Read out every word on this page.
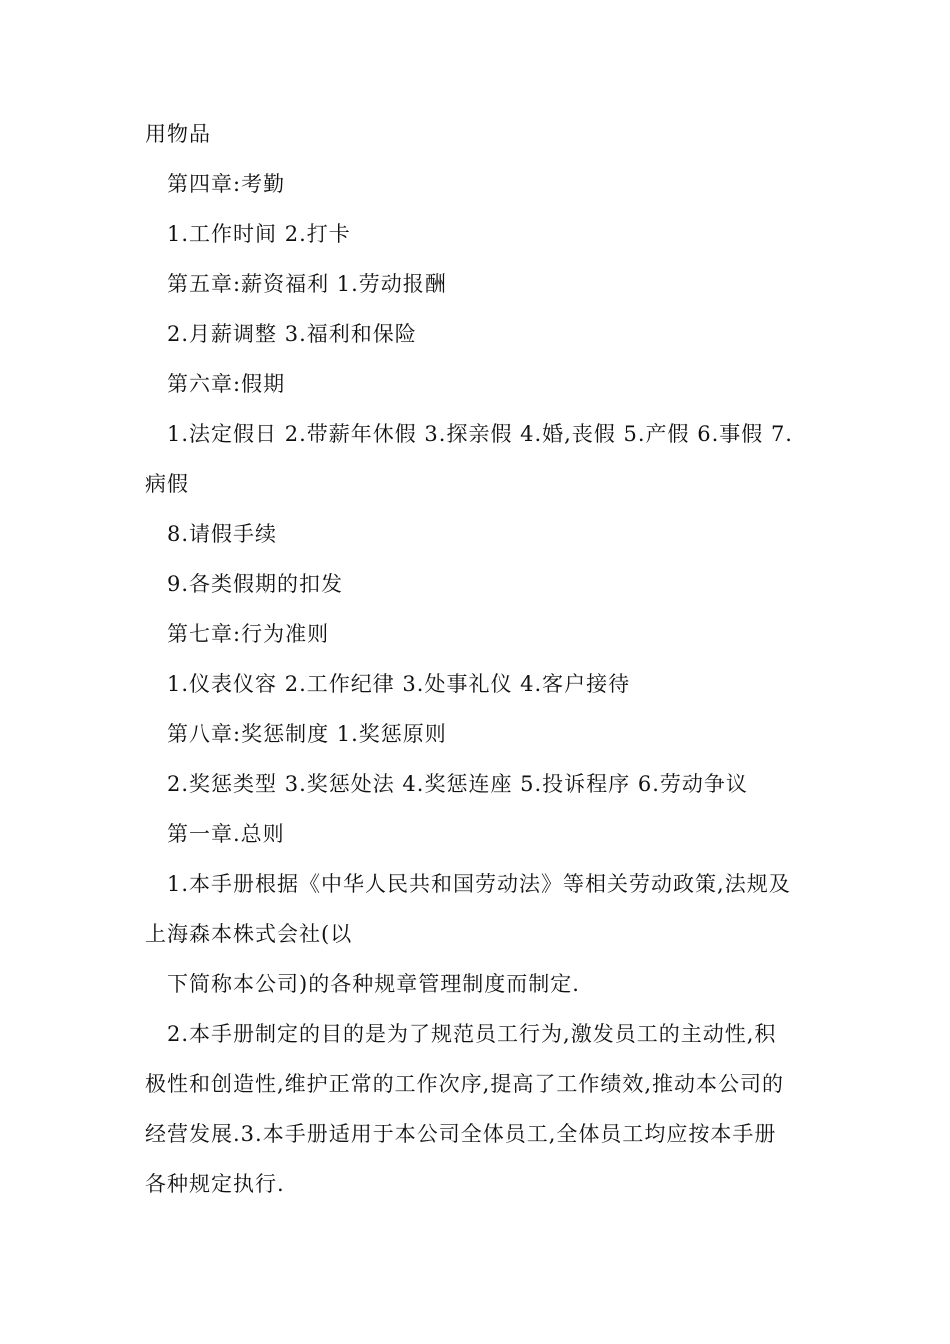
用物品
第四章:考勤
1.工作时间 2.打卡
第五章:薪资福利 1.劳动报酬
2.月薪调整 3.福利和保险
第六章:假期
1.法定假日 2.带薪年休假 3.探亲假 4.婚,丧假 5.产假 6.事假 7.
病假
8.请假手续
9.各类假期的扣发
第七章:行为准则
1.仪表仪容 2.工作纪律 3.处事礼仪 4.客户接待
第八章:奖惩制度 1.奖惩原则
2.奖惩类型 3.奖惩处法 4.奖惩连座 5.投诉程序 6.劳动争议
第一章.总则
1.本手册根据《中华人民共和国劳动法》等相关劳动政策,法规及
上海森本株式会社(以
下简称本公司)的各种规章管理制度而制定.
2.本手册制定的目的是为了规范员工行为,激发员工的主动性,积
极性和创造性,维护正常的工作次序,提高了工作绩效,推动本公司的
经营发展.3.本手册适用于本公司全体员工,全体员工均应按本手册
各种规定执行.
